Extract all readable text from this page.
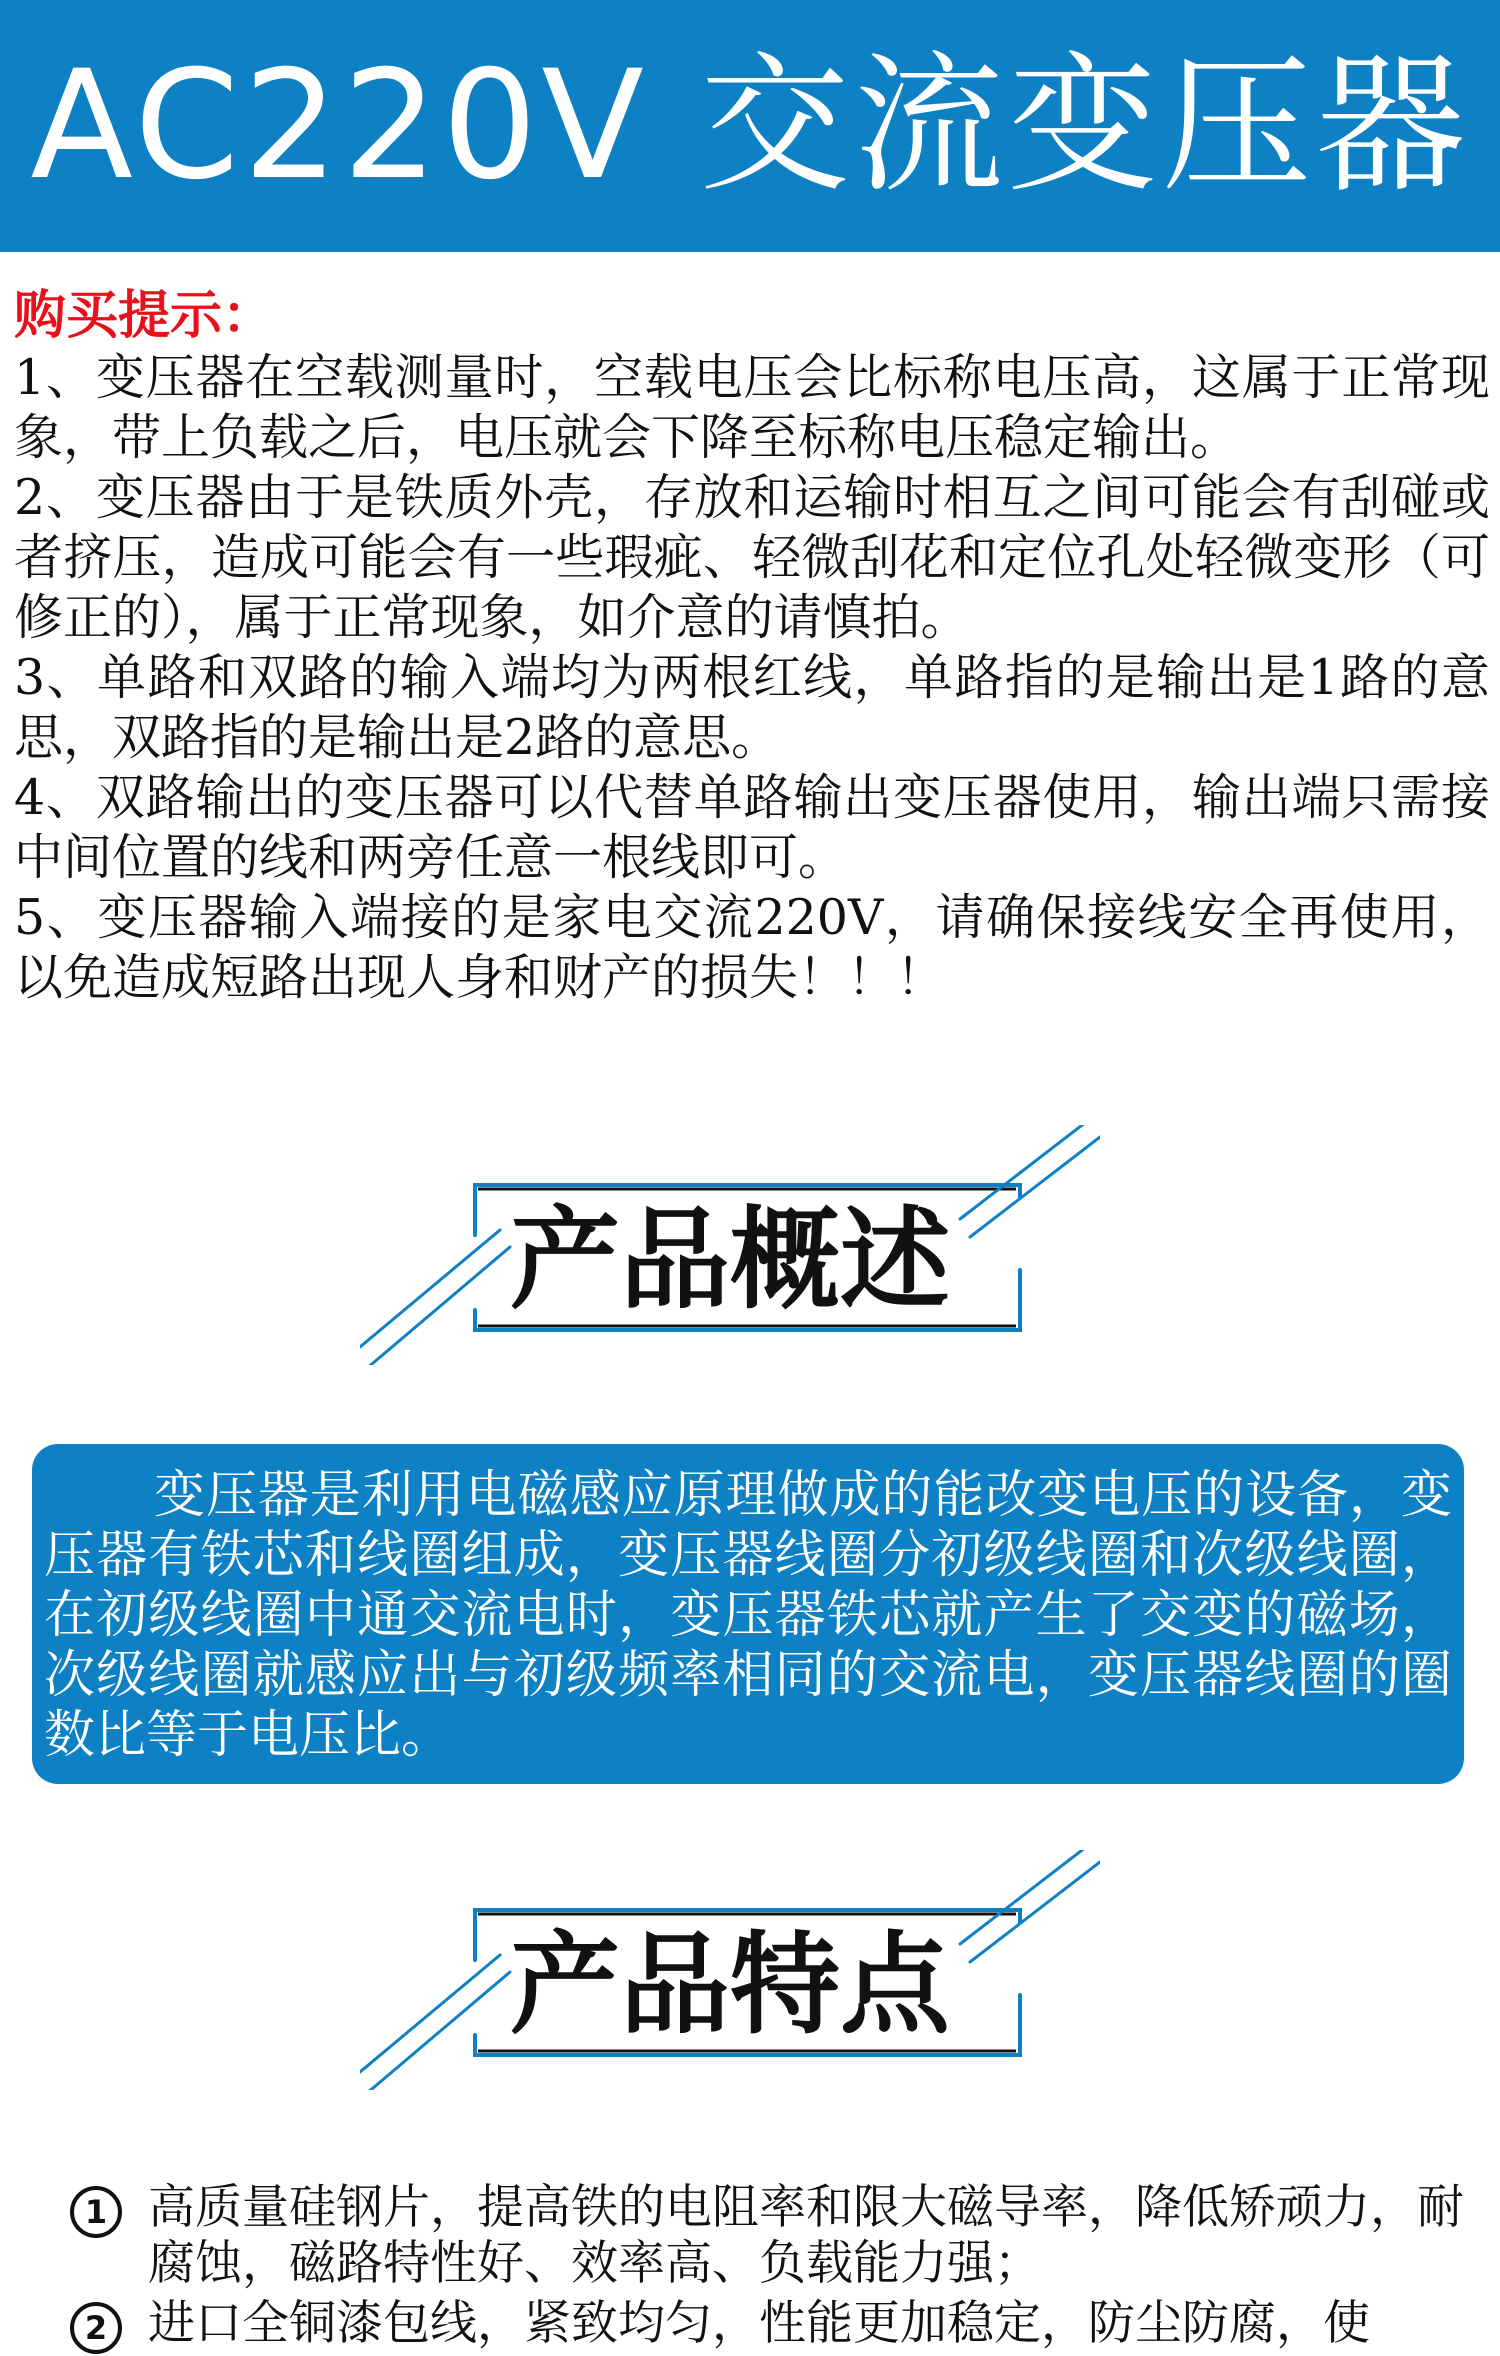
AC220V 交流变压器

购买提示：

1、变压器在空载测量时，空载电压会比标称电压高，这属于正常现象，带上负载之后，电压就会下降至标称电压稳定输出。

2、变压器由于是铁质外壳，存放和运输时相互之间可能会有刮碰或者挤压，造成可能会有一些瑕疵、轻微刮花和定位孔处轻微变形（可修正的），属于正常现象，如介意的请慎拍。

3、单路和双路的输入端均为两根红线，单路指的是输出是1路的意思，双路指的是输出是2路的意思。

4、双路输出的变压器可以代替单路输出变压器使用，输出端只需接中间位置的线和两旁任意一根线即可。

5、变压器输入端接的是家电交流220V，请确保接线安全再使用，以免造成短路出现人身和财产的损失！！！

产品概述

变压器是利用电磁感应原理做成的能改变电压的设备，变压器有铁芯和线圈组成，变压器线圈分初级线圈和次级线圈，在初级线圈中通交流电时，变压器铁芯就产生了交变的磁场，次级线圈就感应出与初级频率相同的交流电，变压器线圈的圈数比等于电压比。

产品特点
1 高质量硅钢片，提高铁的电阻率和限大磁导率，降低矫顽力，耐腐蚀，磁路特性好、效率高、负载能力强；

2 进口全铜漆包线，紧致均匀，性能更加稳定，防尘防腐，使
